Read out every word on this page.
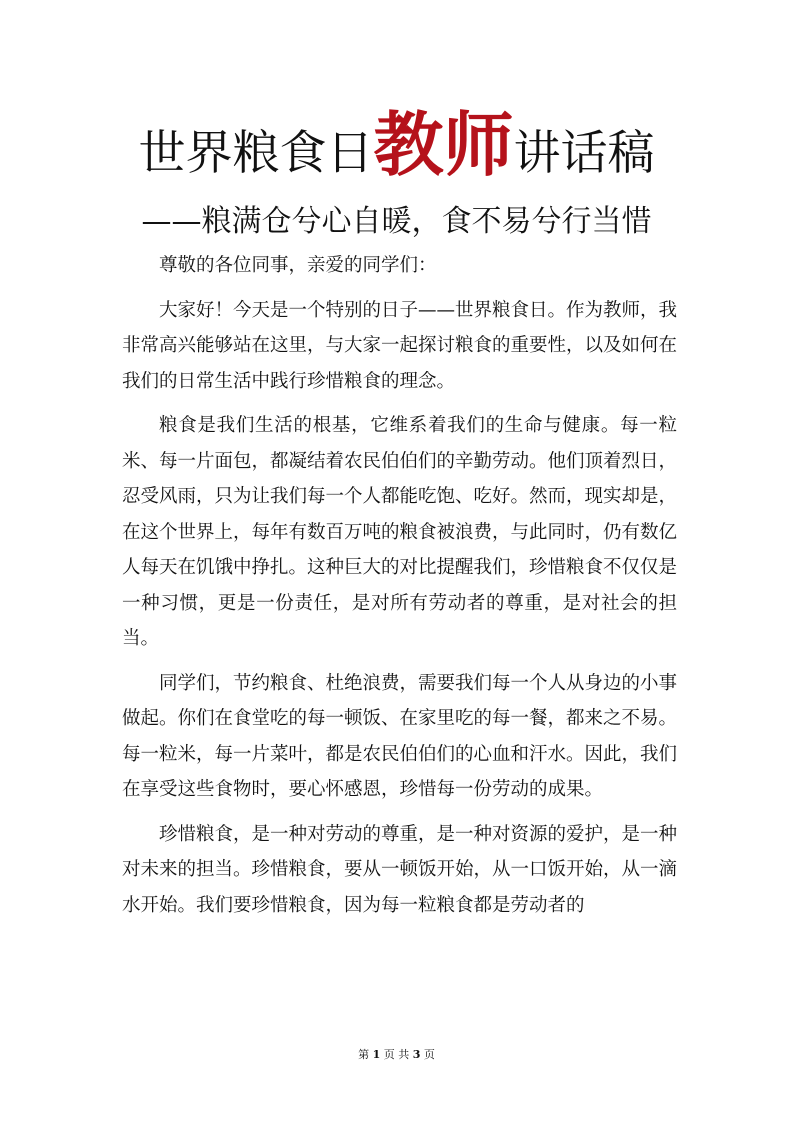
世界粮食日教师讲话稿
——粮满仓兮心自暖，食不易兮行当惜

尊敬的各位同事，亲爱的同学们：

大家好！今天是一个特别的日子——世界粮食日。作为教师，我非常高兴能够站在这里，与大家一起探讨粮食的重要性，以及如何在我们的日常生活中践行珍惜粮食的理念。

粮食是我们生活的根基，它维系着我们的生命与健康。每一粒米、每一片面包，都凝结着农民伯伯们的辛勤劳动。他们顶着烈日，忍受风雨，只为让我们每一个人都能吃饱、吃好。然而，现实却是，在这个世界上，每年有数百万吨的粮食被浪费，与此同时，仍有数亿人每天在饥饿中挣扎。这种巨大的对比提醒我们，珍惜粮食不仅仅是一种习惯，更是一份责任，是对所有劳动者的尊重，是对社会的担当。

同学们，节约粮食、杜绝浪费，需要我们每一个人从身边的小事做起。你们在食堂吃的每一顿饭、在家里吃的每一餐，都来之不易。每一粒米，每一片菜叶，都是农民伯伯们的心血和汗水。因此，我们在享受这些食物时，要心怀感恩，珍惜每一份劳动的成果。

珍惜粮食，是一种对劳动的尊重，是一种对资源的爱护，是一种对未来的担当。珍惜粮食，要从一顿饭开始，从一口饭开始，从一滴水开始。我们要珍惜粮食，因为每一粒粮食都是劳动者的

第 1 页 共 3 页
